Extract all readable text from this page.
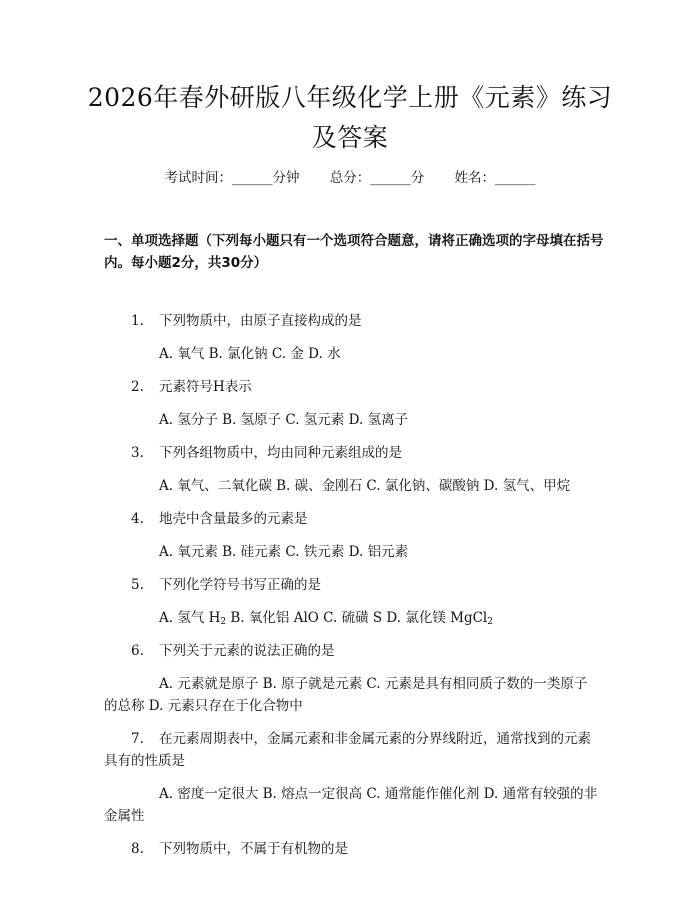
2026年春外研版八年级化学上册《元素》练习及答案
考试时间：______分钟 总分：______分 姓名：______
一、单项选择题（下列每小题只有一个选项符合题意，请将正确选项的字母填在括号内。每小题2分，共30分）
1. 下列物质中，由原子直接构成的是
A. 氧气 B. 氯化钠 C. 金 D. 水
2. 元素符号H表示
A. 氢分子 B. 氢原子 C. 氢元素 D. 氢离子
3. 下列各组物质中，均由同种元素组成的是
A. 氧气、二氧化碳 B. 碳、金刚石 C. 氯化钠、碳酸钠 D. 氢气、甲烷
4. 地壳中含量最多的元素是
A. 氧元素 B. 硅元素 C. 铁元素 D. 铝元素
5. 下列化学符号书写正确的是
A. 氢气 $H_2$ B. 氧化铝 AlO C. 硫磺 S D. 氯化镁 MgCl$_2$
6. 下列关于元素的说法正确的是
A. 元素就是原子 B. 原子就是元素 C. 元素是具有相同质子数的一类原子的总称 D. 元素只存在于化合物中
7. 在元素周期表中，金属元素和非金属元素的分界线附近，通常找到的元素具有的性质是
A. 密度一定很大 B. 熔点一定很高 C. 通常能作催化剂 D. 通常有较强的非金属性
8. 下列物质中，不属于有机物的是
